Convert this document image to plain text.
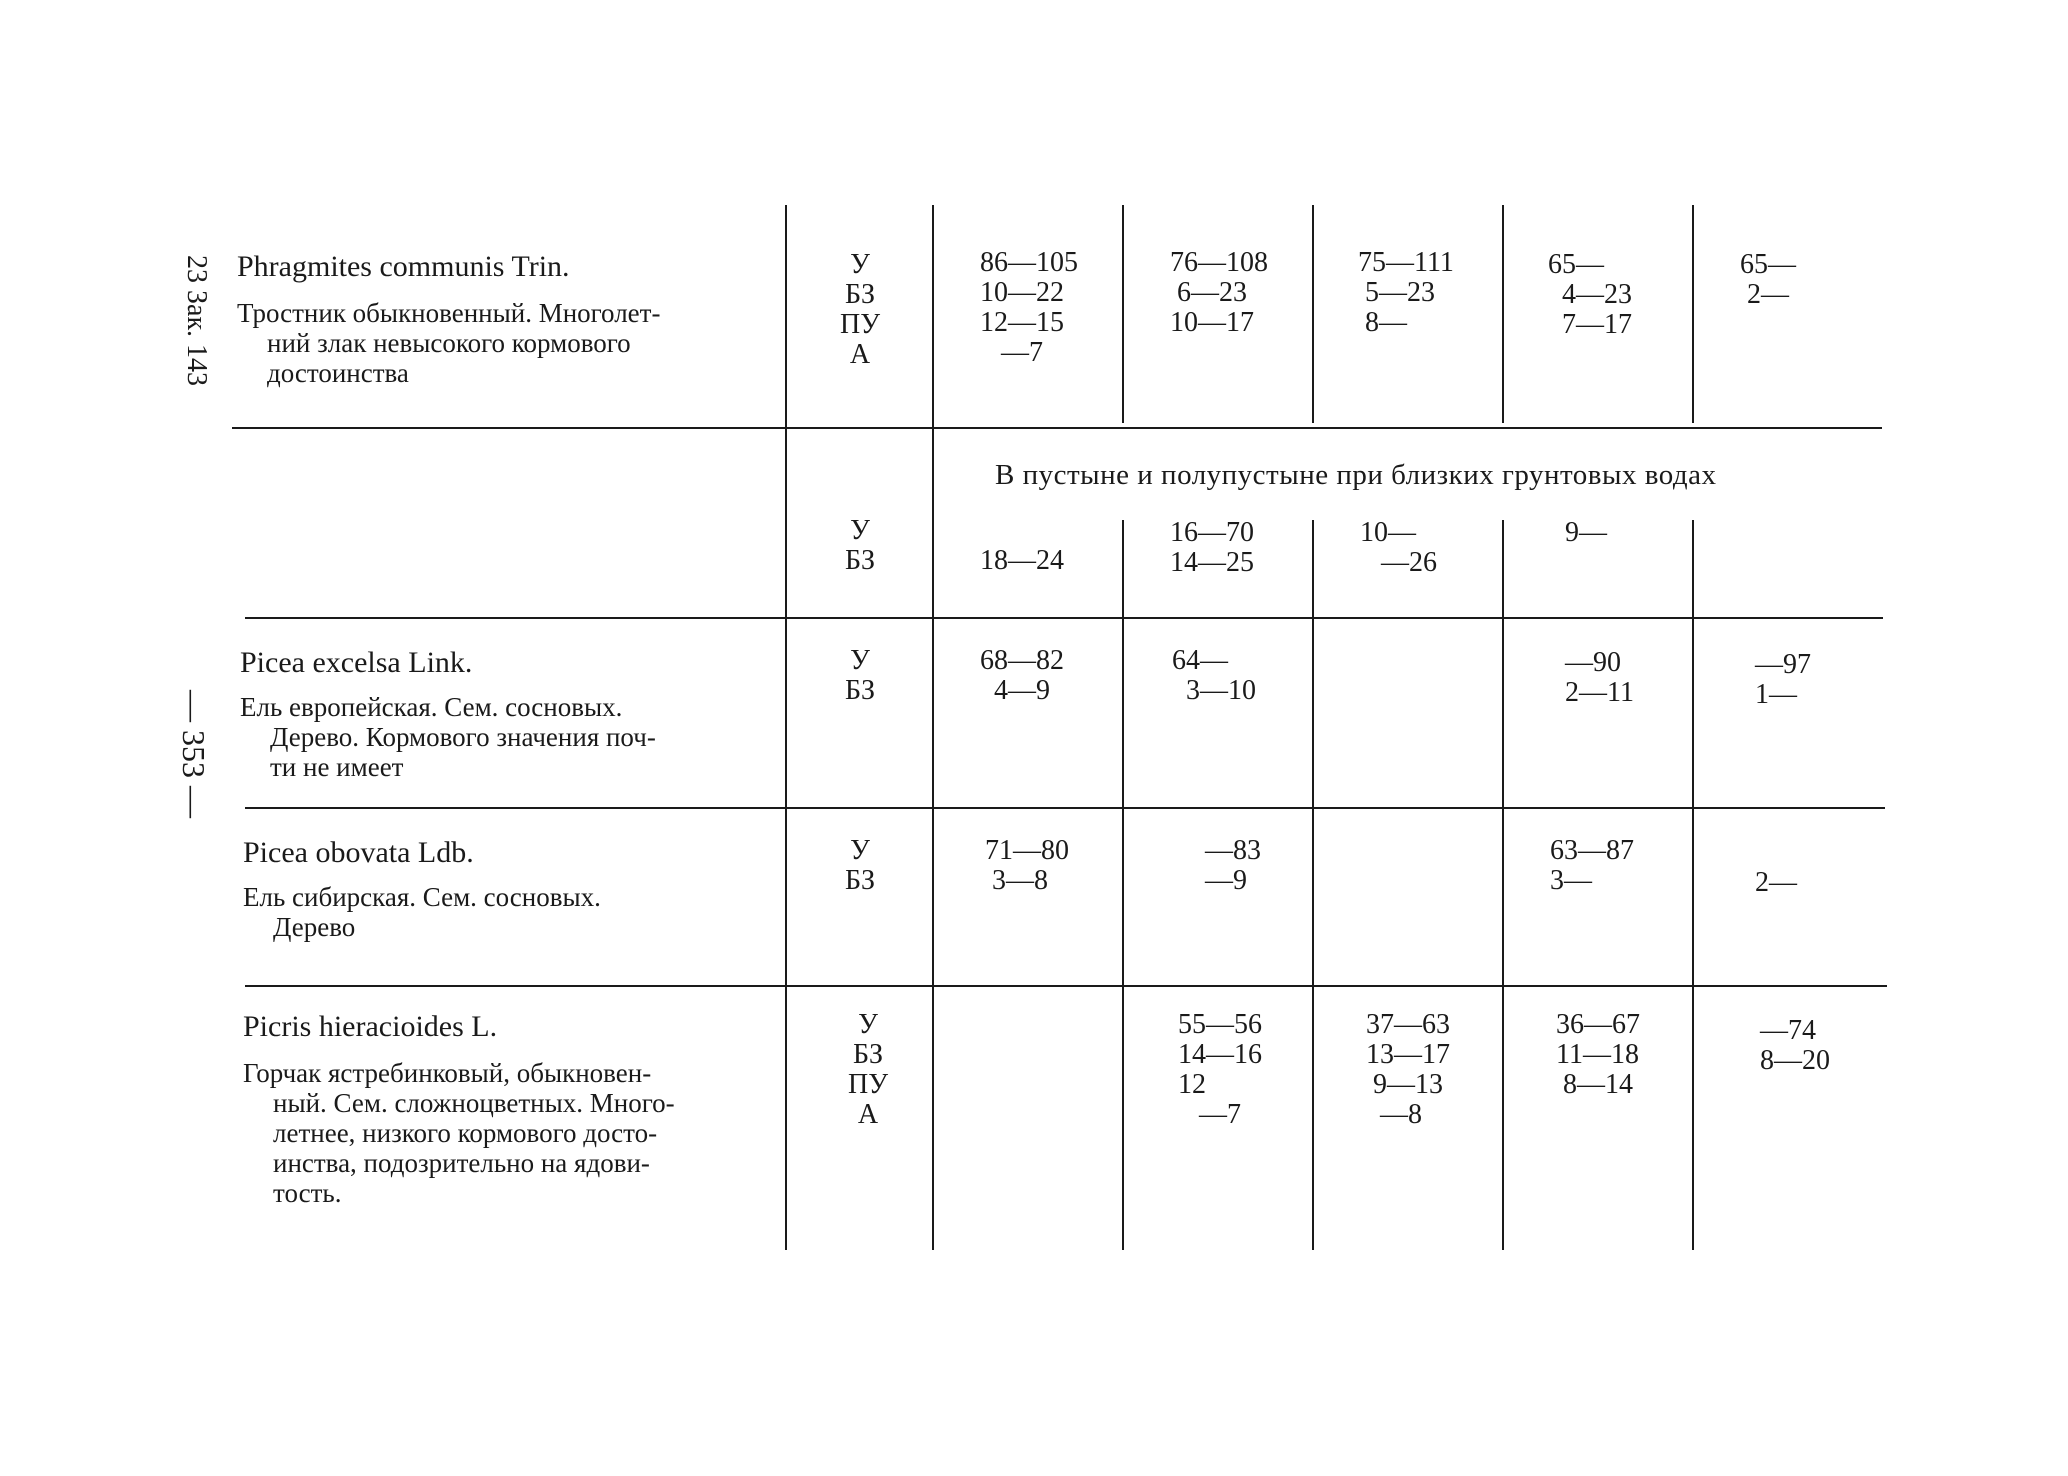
23 Зак. 143
— 353 —
Phragmites communis Trin.
Тростник обыкновенный. Многолет-
ний злак невысокого кормового
достоинства
У
БЗ
ПУ
А
86—105
10—22
12—15
—7
76—108
6—23
10—17
75—111
5—23
8—
65—
4—23
7—17
65—
2—
В пустыне и полупустыне при близких грунтовых водах
У
БЗ	18—24
16—70
14—25
10—
—26
9—
Picea excelsa Link.
Ель европейская. Сем. сосновых.
Дерево. Кормового значения поч-
ти не имеет
У
БЗ
68—82
4—9
64—
3—10
—90
2—11
—97
1—
Picea obovata Ldb.
Ель сибирская. Сем. сосновых.
Дерево
У
БЗ
71—80
3—8
—83
—9
63—87
3—	2—
Picris hieracioides L.
Горчак ястребинковый, обыкновен-
ный. Сем. сложноцветных. Много-
летнее, низкого кормового досто-
инства, подозрительно на ядови-
тость.
У
БЗ
ПУ
А
55—56
14—16
12
—7
37—63
13—17
9—13
—8
36—67
11—18
8—14
—74
8—20
